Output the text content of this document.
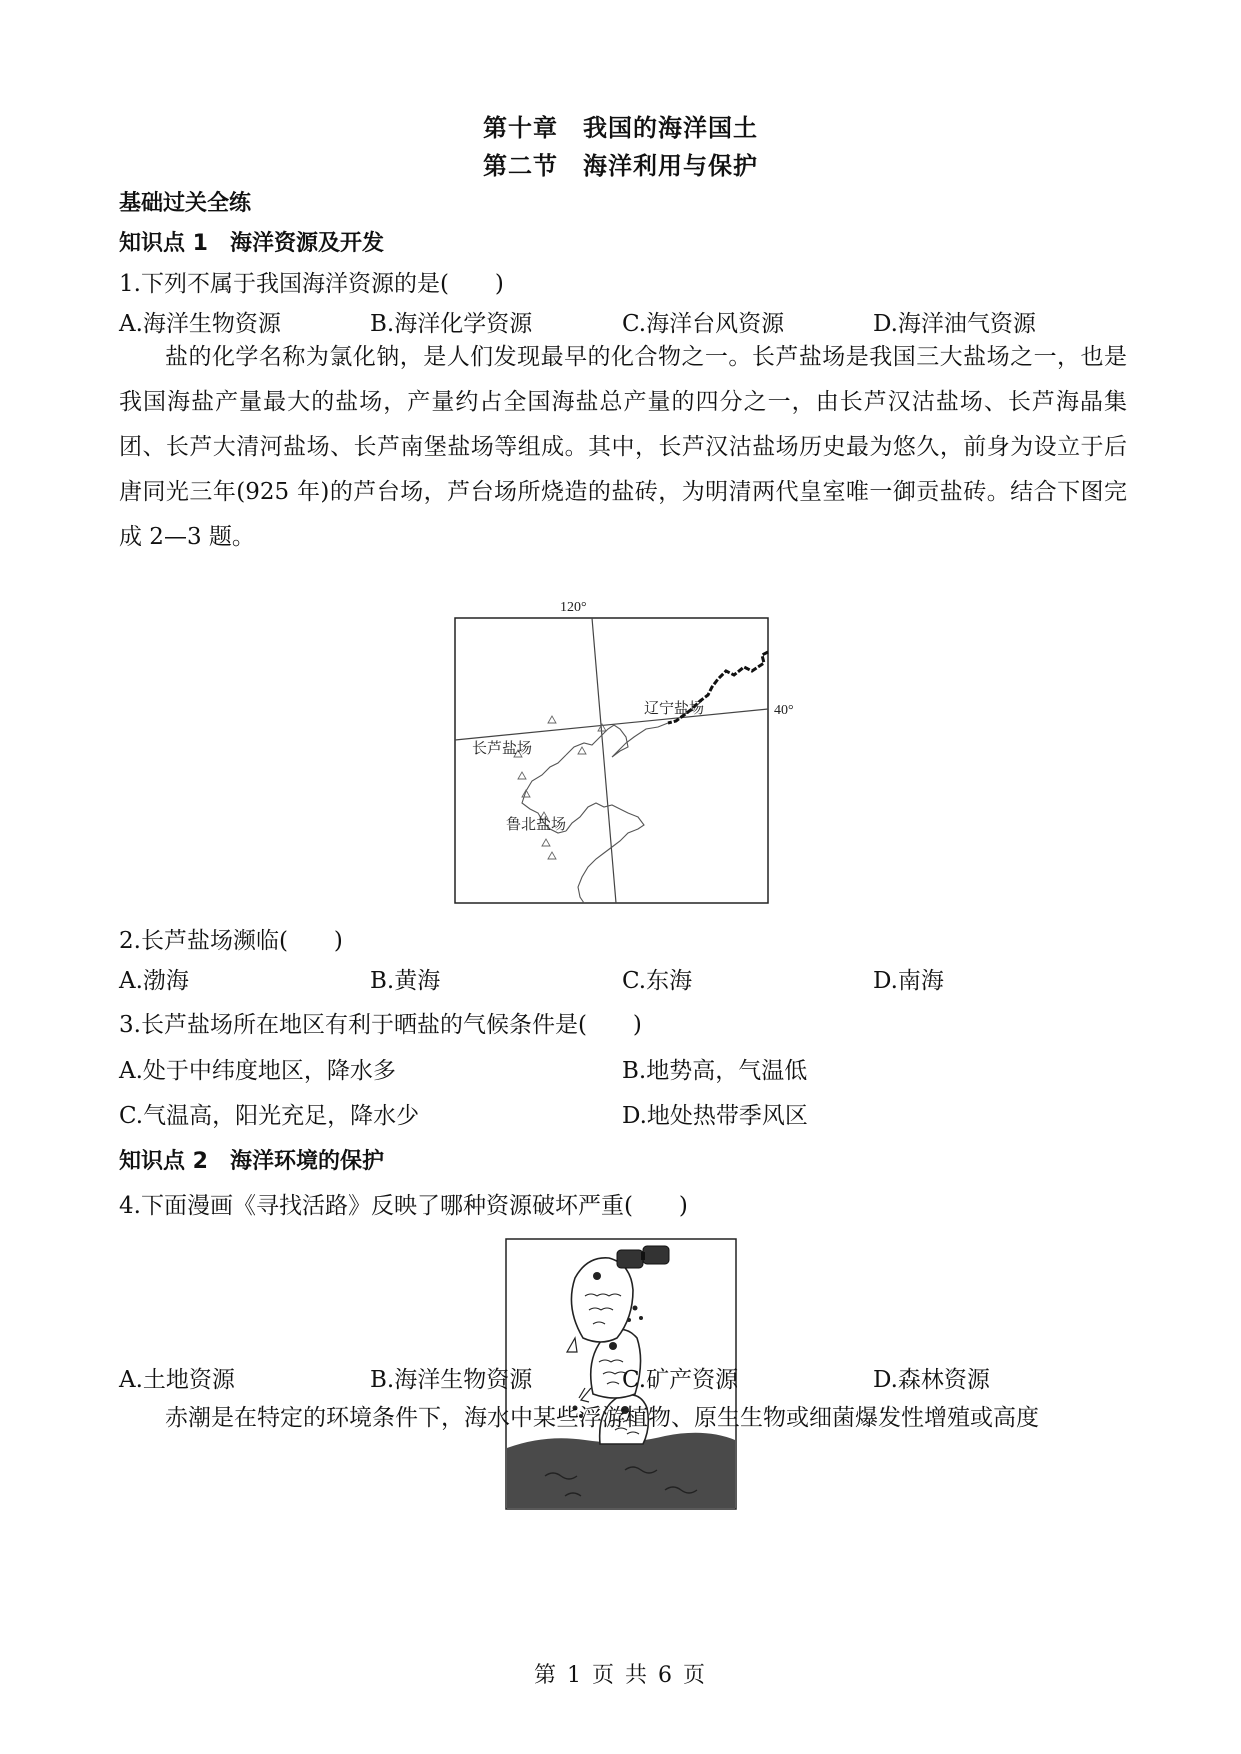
第十章　我国的海洋国土
第二节　海洋利用与保护
基础过关全练
知识点 1　海洋资源及开发
1.下列不属于我国海洋资源的是(　　)
A.海洋生物资源	B.海洋化学资源	C.海洋台风资源	D.海洋油气资源
盐的化学名称为氯化钠，是人们发现最早的化合物之一。长芦盐场是我国三大盐场之一，也是我国海盐产量最大的盐场，产量约占全国海盐总产量的四分之一，由长芦汉沽盐场、长芦海晶集团、长芦大清河盐场、长芦南堡盐场等组成。其中，长芦汉沽盐场历史最为悠久，前身为设立于后唐同光三年(925 年)的芦台场，芦台场所烧造的盐砖，为明清两代皇室唯一御贡盐砖。结合下图完成 2—3 题。
120°
40°
辽宁盐场
长芦盐场
鲁北盐场
2.长芦盐场濒临(　　)
A.渤海	B.黄海	C.东海	D.南海
3.长芦盐场所在地区有利于晒盐的气候条件是(　　)
A.处于中纬度地区，降水多	B.地势高，气温低
C.气温高，阳光充足，降水少	D.地处热带季风区
知识点 2　海洋环境的保护
4.下面漫画《寻找活路》反映了哪种资源破坏严重(　　)
A.土地资源	B.海洋生物资源	C.矿产资源	D.森林资源
赤潮是在特定的环境条件下，海水中某些浮游植物、原生生物或细菌爆发性增殖或高度
第 1 页 共 6 页
